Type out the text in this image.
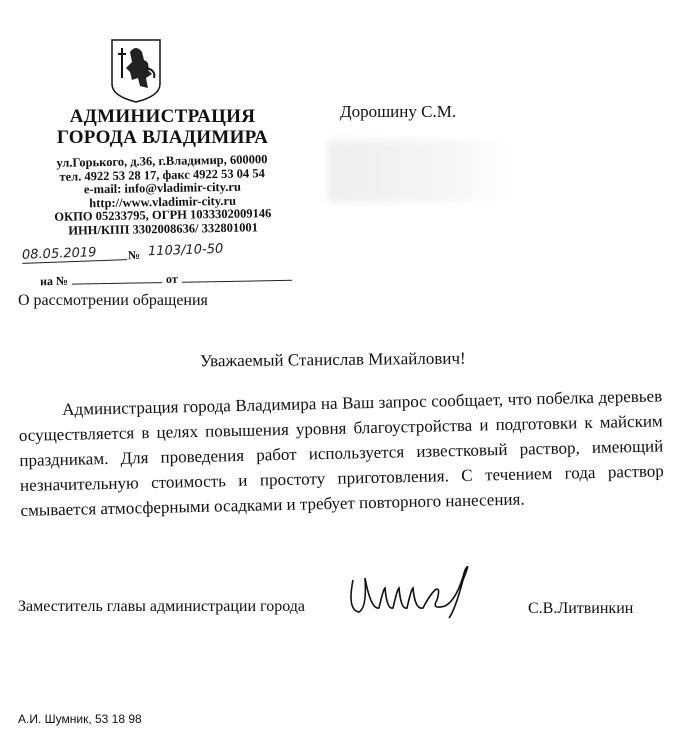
АДМИНИСТРАЦИЯ
ГОРОДА ВЛАДИМИРА
ул.Горького, д.36, г.Владимир, 600000
тел. 4922 53 28 17, факс 4922 53 04 54
e-mail: info@vladimir-city.ru
http://www.vladimir-city.ru
ОКПО 05233795, ОГРН 1033302009146
ИНН/КПП 3302008636/ 332801001
08.05.2019	№ 1103/10-50
на №	от
О рассмотрении обращения
Дорошину С.М.
Уважаемый Станислав Михайлович!
Администрация города Владимира на Ваш запрос сообщает, что побелка деревьев осуществляется в целях повышения уровня благоустройства и подготовки к майским праздникам. Для проведения работ используется известковый раствор, имеющий незначительную стоимость и простоту приготовления. С течением года раствор смывается атмосферными осадками и требует повторного нанесения.
Заместитель главы администрации города	С.В.Литвинкин
А.И. Шумник, 53 18 98
